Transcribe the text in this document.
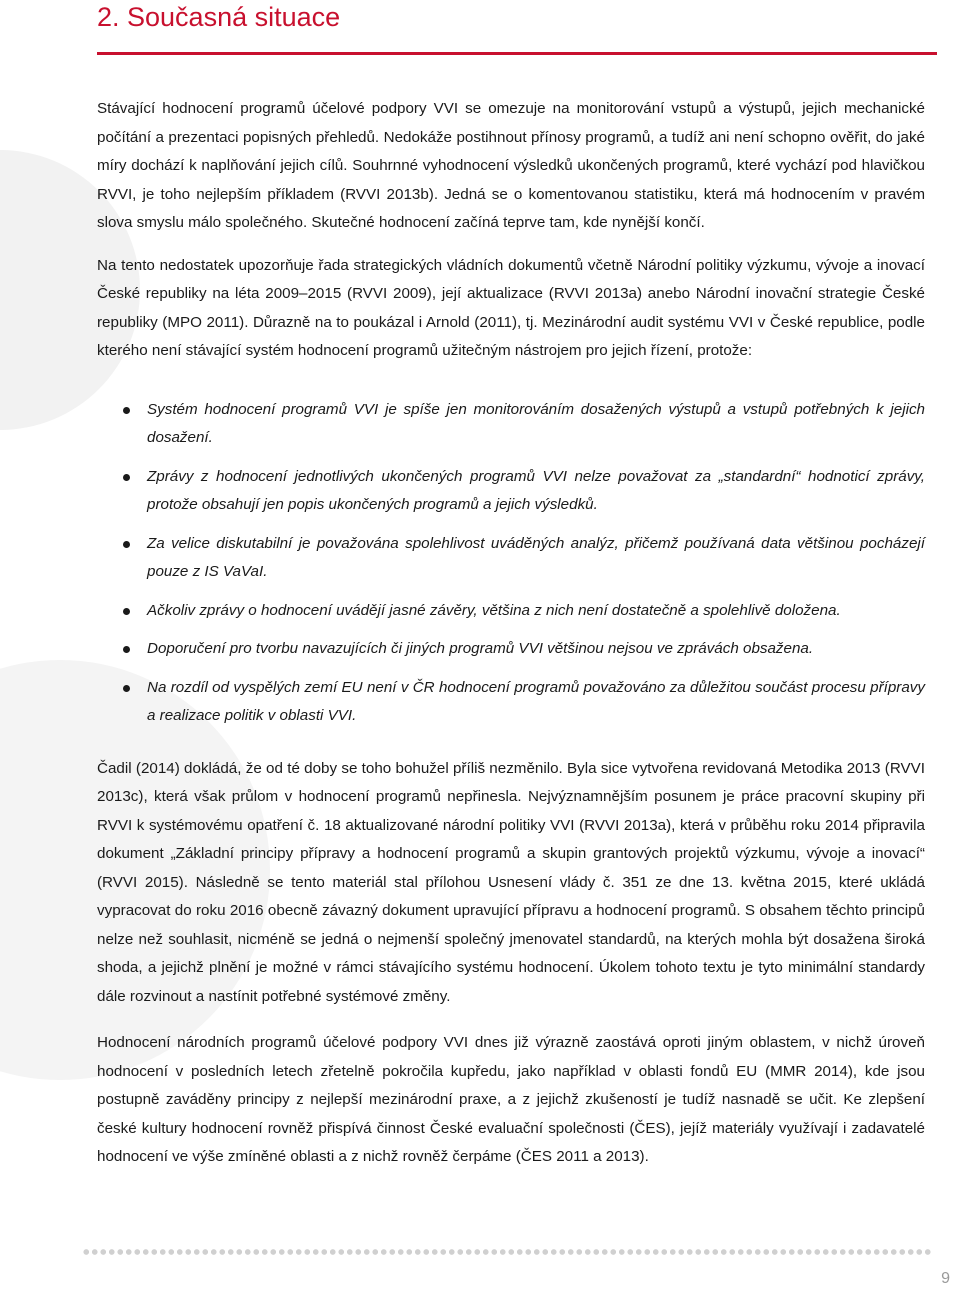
2. Současná situace

Stávající hodnocení programů účelové podpory VVI se omezuje na monitorování vstupů a výstupů, jejich mechanické počítání a prezentaci popisných přehledů. Nedokáže postihnout přínosy programů, a tudíž ani není schopno ověřit, do jaké míry dochází k naplňování jejich cílů. Souhrnné vyhodnocení výsledků ukončených programů, které vychází pod hlavičkou RVVI, je toho nejlepším příkladem (RVVI 2013b). Jedná se o komentovanou statistiku, která má hodnocením v pravém slova smyslu málo společného. Skutečné hodnocení začíná teprve tam, kde nynější končí.

Na tento nedostatek upozorňuje řada strategických vládních dokumentů včetně Národní politiky výzkumu, vývoje a inovací České republiky na léta 2009–2015 (RVVI 2009), její aktualizace (RVVI 2013a) anebo Národní inovační strategie České republiky (MPO 2011). Důrazně na to poukázal i Arnold (2011), tj. Mezinárodní audit systému VVI v České republice, podle kterého není stávající systém hodnocení programů užitečným nástrojem pro jejich řízení, protože:

Systém hodnocení programů VVI je spíše jen monitorováním dosažených výstupů a vstupů potřebných k jejich dosažení.
Zprávy z hodnocení jednotlivých ukončených programů VVI nelze považovat za „standardní“ hodnoticí zprávy, protože obsahují jen popis ukončených programů a jejich výsledků.
Za velice diskutabilní je považována spolehlivost uváděných analýz, přičemž používaná data většinou pocházejí pouze z IS VaVaI.
Ačkoliv zprávy o hodnocení uvádějí jasné závěry, většina z nich není dostatečně a spolehlivě doložena.
Doporučení pro tvorbu navazujících či jiných programů VVI většinou nejsou ve zprávách obsažena.
Na rozdíl od vyspělých zemí EU není v ČR hodnocení programů považováno za důležitou součást procesu přípravy a realizace politik v oblasti VVI.

Čadil (2014) dokládá, že od té doby se toho bohužel příliš nezměnilo. Byla sice vytvořena revidovaná Metodika 2013 (RVVI 2013c), která však průlom v hodnocení programů nepřinesla. Nejvýznamnějším posunem je práce pracovní skupiny při RVVI k systémovému opatření č. 18 aktualizované národní politiky VVI (RVVI 2013a), která v průběhu roku 2014 připravila dokument „Základní principy přípravy a hodnocení programů a skupin grantových projektů výzkumu, vývoje a inovací“ (RVVI 2015). Následně se tento materiál stal přílohou Usnesení vlády č. 351 ze dne 13. května 2015, které ukládá vypracovat do roku 2016 obecně závazný dokument upravující přípravu a hodnocení programů. S obsahem těchto principů nelze než souhlasit, nicméně se jedná o nejmenší společný jmenovatel standardů, na kterých mohla být dosažena široká shoda, a jejichž plnění je možné v rámci stávajícího systému hodnocení. Úkolem tohoto textu je tyto minimální standardy dále rozvinout a nastínit potřebné systémové změny.

Hodnocení národních programů účelové podpory VVI dnes již výrazně zaostává oproti jiným oblastem, v nichž úroveň hodnocení v posledních letech zřetelně pokročila kupředu, jako například v oblasti fondů EU (MMR 2014), kde jsou postupně zaváděny principy z nejlepší mezinárodní praxe, a z jejichž zkušeností je tudíž nasnadě se učit. Ke zlepšení české kultury hodnocení rovněž přispívá činnost České evaluační společnosti (ČES), jejíž materiály využívají i zadavatelé hodnocení ve výše zmíněné oblasti a z nichž rovněž čerpáme (ČES 2011 a 2013).

9
